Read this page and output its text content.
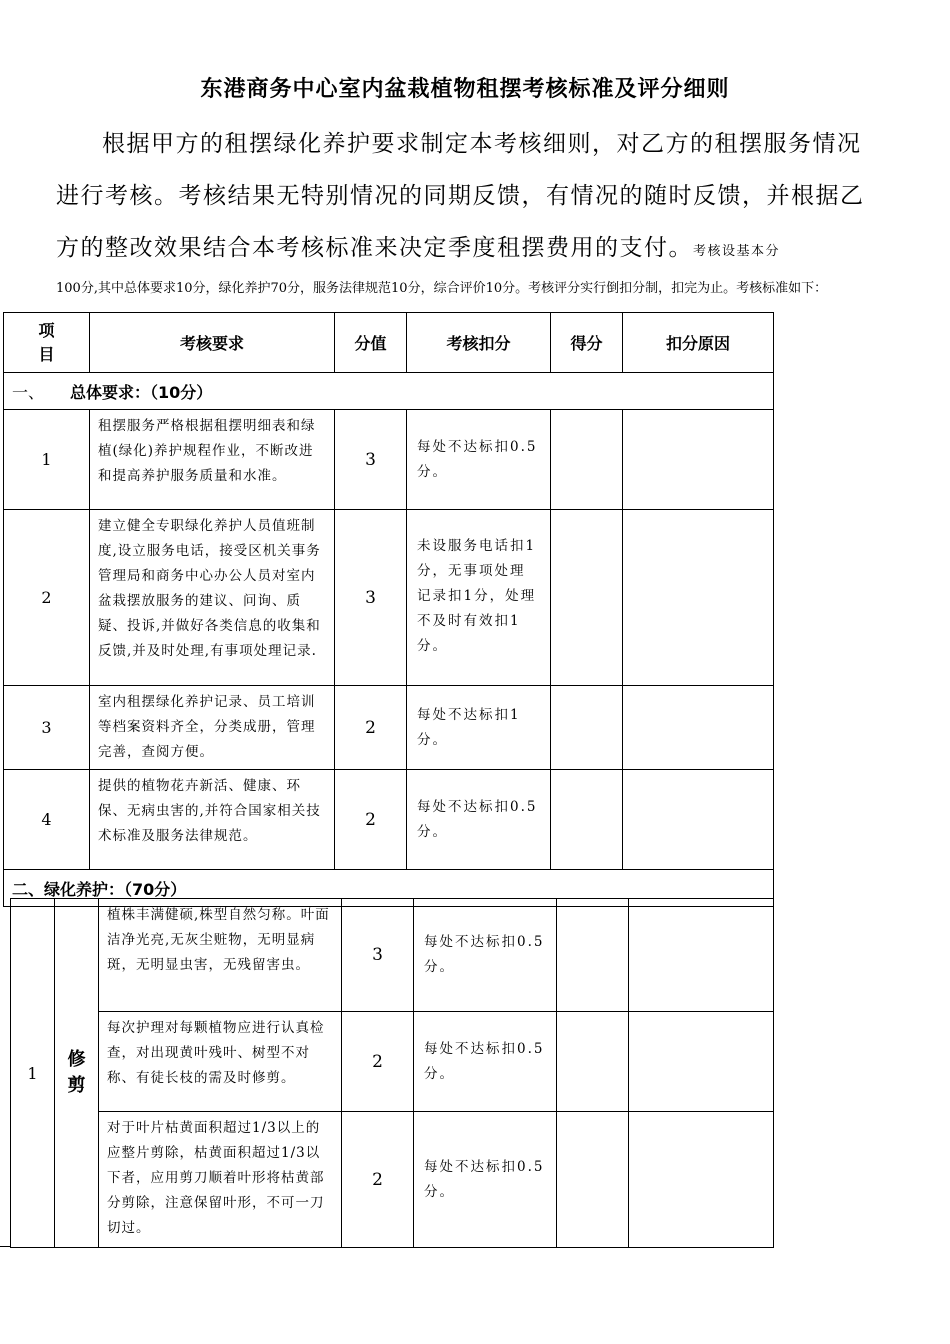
东港商务中心室内盆栽植物租摆考核标准及评分细则
根据甲方的租摆绿化养护要求制定本考核细则，对乙方的租摆服务情况进行考核。考核结果无特别情况的同期反馈，有情况的随时反馈，并根据乙方的整改效果结合本考核标准来决定季度租摆费用的支付。考核设基本分
100分,其中总体要求10分，绿化养护70分，服务法律规范10分，综合评价10分。考核评分实行倒扣分制，扣完为止。考核标准如下：
项目	考核要求	分值	考核扣分	得分	扣分原因
一、 总体要求：（10分）					
1	租摆服务严格根据租摆明细表和绿植(绿化)养护规程作业，不断改进和提高养护服务质量和水准。	3	每处不达标扣0.5分。		
2	建立健全专职绿化养护人员值班制度,设立服务电话，接受区机关事务管理局和商务中心办公人员对室内盆栽摆放服务的建议、问询、质疑、投诉,并做好各类信息的收集和反馈,并及时处理,有事项处理记录.	3	未设服务电话扣1分，无事项处理记录扣1分，处理不及时有效扣1分。		
3	室内租摆绿化养护记录、员工培训等档案资料齐全，分类成册，管理完善，查阅方便。	2	每处不达标扣1分。		
4	提供的植物花卉新活、健康、环保、无病虫害的,并符合国家相关技术标准及服务法律规范。	2	每处不达标扣0.5分。		
二、绿化养护：（70分）					
1	修剪	植株丰满健硕,株型自然匀称。叶面洁净光亮,无灰尘赃物，无明显病斑，无明显虫害，无残留害虫。	3	每处不达标扣0.5分。		
		每次护理对每颗植物应进行认真检查，对出现黄叶残叶、树型不对称、有徒长枝的需及时修剪。	2	每处不达标扣0.5分。		
		对于叶片枯黄面积超过1/3以上的应整片剪除，枯黄面积超过1/3以下者，应用剪刀顺着叶形将枯黄部分剪除，注意保留叶形，不可一刀切过。	2	每处不达标扣0.5分。		
